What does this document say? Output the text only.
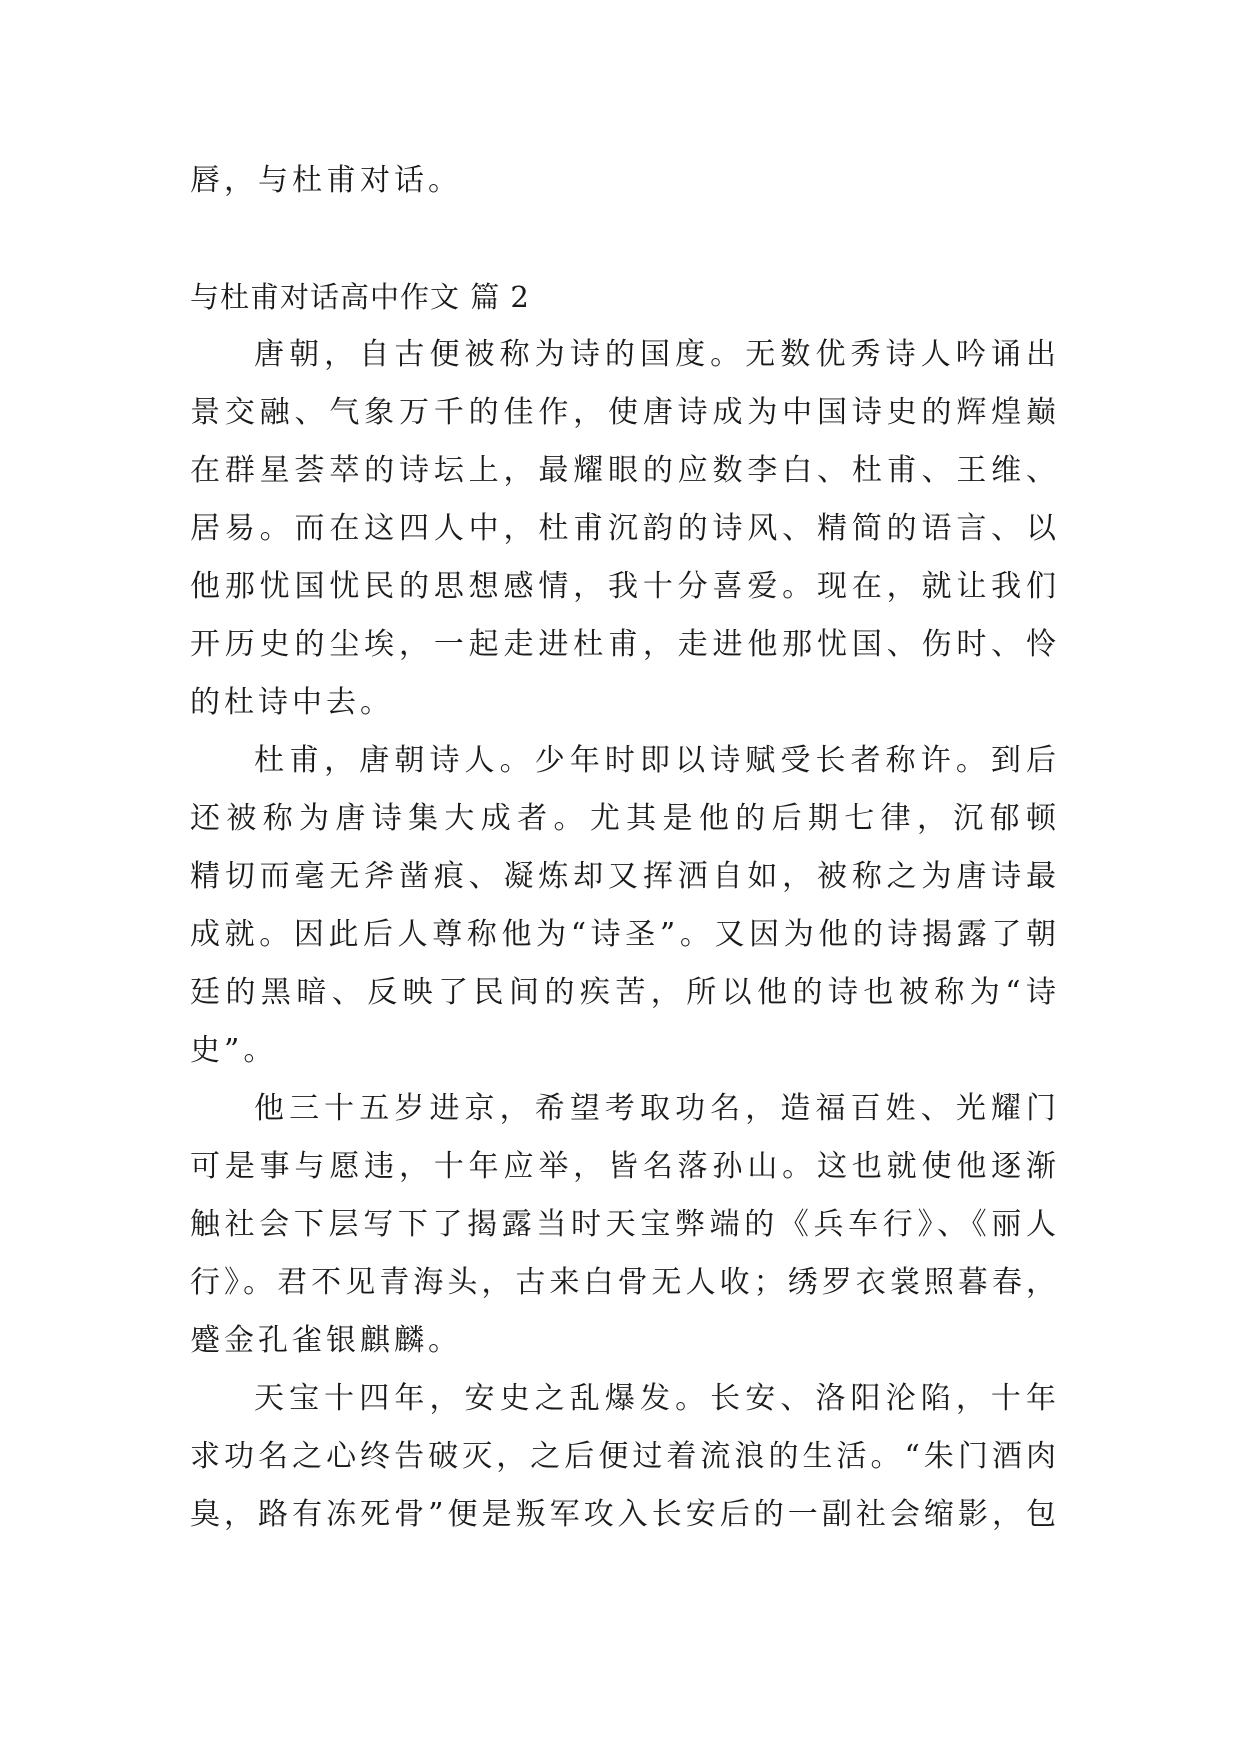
唇，与杜甫对话。
与杜甫对话高中作文 篇 2
唐朝，自古便被称为诗的国度。无数优秀诗人吟诵出
景交融、气象万千的佳作，使唐诗成为中国诗史的辉煌巅
在群星荟萃的诗坛上，最耀眼的应数李白、杜甫、王维、
居易。而在这四人中，杜甫沉韵的诗风、精简的语言、以
他那忧国忧民的思想感情，我十分喜爱。现在，就让我们
开历史的尘埃，一起走进杜甫，走进他那忧国、伤时、怜
的杜诗中去。
杜甫，唐朝诗人。少年时即以诗赋受长者称许。到后
还被称为唐诗集大成者。尤其是他的后期七律，沉郁顿
精切而毫无斧凿痕、凝炼却又挥洒自如，被称之为唐诗最
成就。因此后人尊称他为“诗圣”。又因为他的诗揭露了朝
廷的黑暗、反映了民间的疾苦，所以他的诗也被称为“诗
史”。
他三十五岁进京，希望考取功名，造福百姓、光耀门
可是事与愿违，十年应举，皆名落孙山。这也就使他逐渐
触社会下层写下了揭露当时天宝弊端的《兵车行》、《丽人
行》。君不见青海头，古来白骨无人收；绣罗衣裳照暮春，
蹙金孔雀银麒麟。
天宝十四年，安史之乱爆发。长安、洛阳沦陷，十年
求功名之心终告破灭，之后便过着流浪的生活。“朱门酒肉
臭，路有冻死骨”便是叛军攻入长安后的一副社会缩影，包
